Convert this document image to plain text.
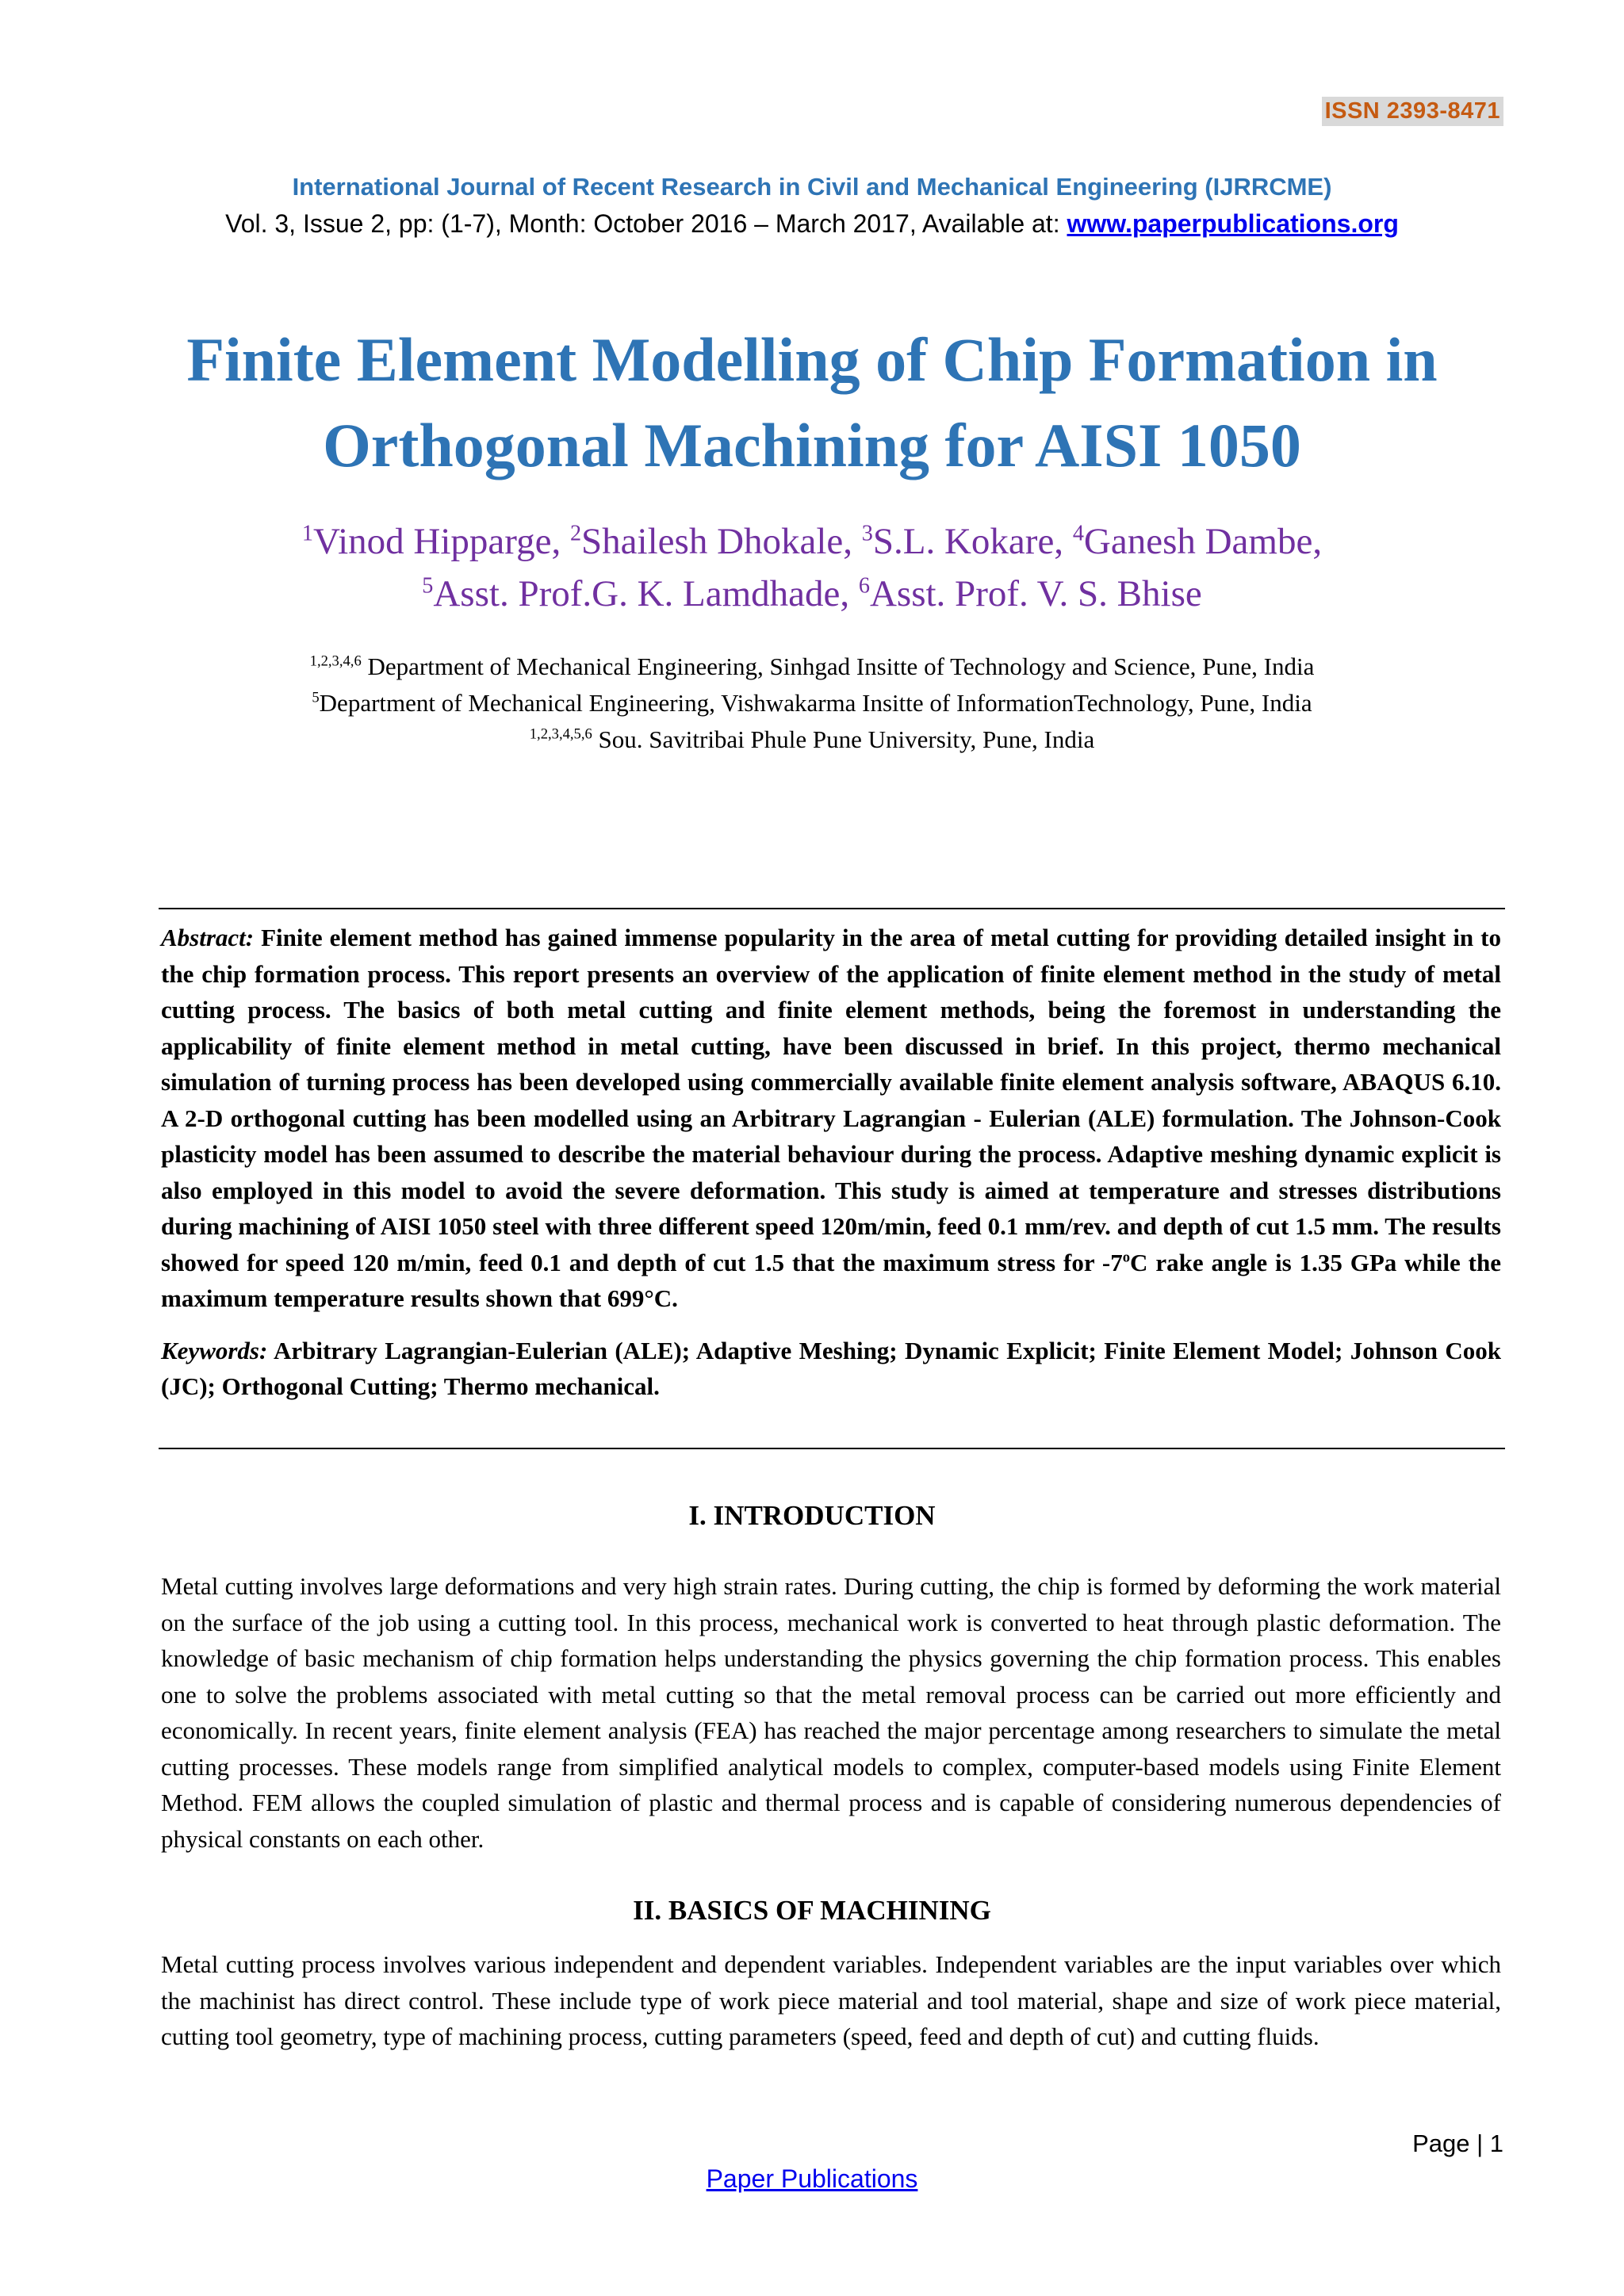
ISSN 2393-8471
International Journal of Recent Research in Civil and Mechanical Engineering (IJRRCME)
Vol. 3, Issue 2, pp: (1-7), Month: October 2016 – March 2017, Available at: www.paperpublications.org
Finite Element Modelling of Chip Formation in
Orthogonal Machining for AISI 1050
$^1$Vinod Hipparge, $^2$Shailesh Dhokale, $^3$S.L. Kokare, $^4$Ganesh Dambe,
$^5$Asst. Prof.G. K. Lamdhade, $^6$Asst. Prof. V. S. Bhise
$^{1,2,3,4,6}$ Department of Mechanical Engineering, Sinhgad Insitte of Technology and Science, Pune, India
$^5$Department of Mechanical Engineering, Vishwakarma Insitte of InformationTechnology, Pune, India
$^{1,2,3,4,5,6}$ Sou. Savitribai Phule Pune University, Pune, India

Abstract: Finite element method has gained immense popularity in the area of metal cutting for providing detailed insight in to the chip formation process. This report presents an overview of the application of finite element method in the study of metal cutting process. The basics of both metal cutting and finite element methods, being the foremost in understanding the applicability of finite element method in metal cutting, have been discussed in brief. In this project, thermo mechanical simulation of turning process has been developed using commercially available finite element analysis software, ABAQUS 6.10. A 2-D orthogonal cutting has been modelled using an Arbitrary Lagrangian - Eulerian (ALE) formulation. The Johnson-Cook plasticity model has been assumed to describe the material behaviour during the process. Adaptive meshing dynamic explicit is also employed in this model to avoid the severe deformation. This study is aimed at temperature and stresses distributions during machining of AISI 1050 steel with three different speed 120m/min, feed 0.1 mm/rev. and depth of cut 1.5 mm. The results showed for speed 120 m/min, feed 0.1 and depth of cut 1.5 that the maximum stress for -7$^o$C rake angle is 1.35 GPa while the maximum temperature results shown that 699°C.

Keywords: Arbitrary Lagrangian-Eulerian (ALE); Adaptive Meshing; Dynamic Explicit; Finite Element Model; Johnson Cook (JC); Orthogonal Cutting; Thermo mechanical.

I. INTRODUCTION

Metal cutting involves large deformations and very high strain rates. During cutting, the chip is formed by deforming the work material on the surface of the job using a cutting tool. In this process, mechanical work is converted to heat through plastic deformation. The knowledge of basic mechanism of chip formation helps understanding the physics governing the chip formation process. This enables one to solve the problems associated with metal cutting so that the metal removal process can be carried out more efficiently and economically. In recent years, finite element analysis (FEA) has reached the major percentage among researchers to simulate the metal cutting processes. These models range from simplified analytical models to complex, computer-based models using Finite Element Method. FEM allows the coupled simulation of plastic and thermal process and is capable of considering numerous dependencies of physical constants on each other.

II. BASICS OF MACHINING

Metal cutting process involves various independent and dependent variables. Independent variables are the input variables over which the machinist has direct control. These include type of work piece material and tool material, shape and size of work piece material, cutting tool geometry, type of machining process, cutting parameters (speed, feed and depth of cut) and cutting fluids.

Page | 1
Paper Publications
